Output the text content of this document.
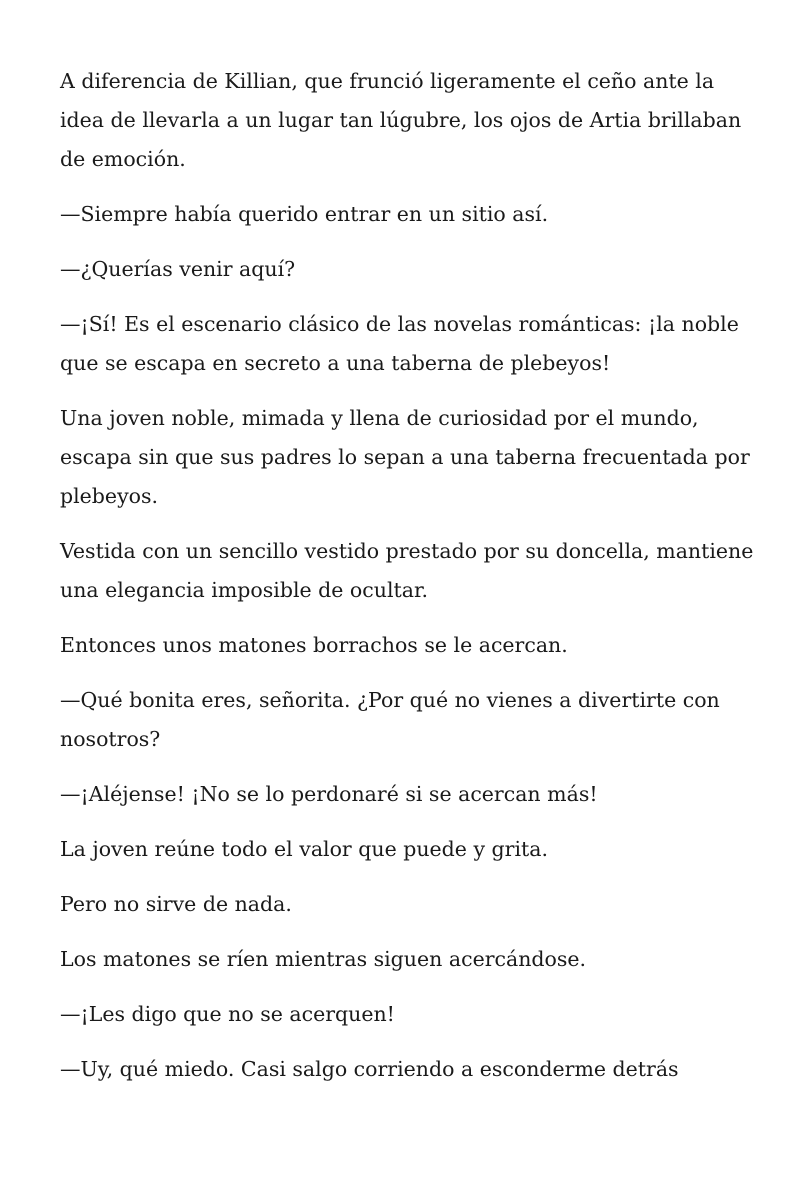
A diferencia de Killian, que frunció ligeramente el ceño ante la idea de llevarla a un lugar tan lúgubre, los ojos de Artia brillaban de emoción.

—Siempre había querido entrar en un sitio así.

—¿Querías venir aquí?

—¡Sí! Es el escenario clásico de las novelas románticas: ¡la noble que se escapa en secreto a una taberna de plebeyos!

Una joven noble, mimada y llena de curiosidad por el mundo, escapa sin que sus padres lo sepan a una taberna frecuentada por plebeyos.

Vestida con un sencillo vestido prestado por su doncella, mantiene una elegancia imposible de ocultar.

Entonces unos matones borrachos se le acercan.

—Qué bonita eres, señorita. ¿Por qué no vienes a divertirte con nosotros?

—¡Aléjense! ¡No se lo perdonaré si se acercan más!

La joven reúne todo el valor que puede y grita.

Pero no sirve de nada.

Los matones se ríen mientras siguen acercándose.

—¡Les digo que no se acerquen!

—Uy, qué miedo. Casi salgo corriendo a esconderme detrás
